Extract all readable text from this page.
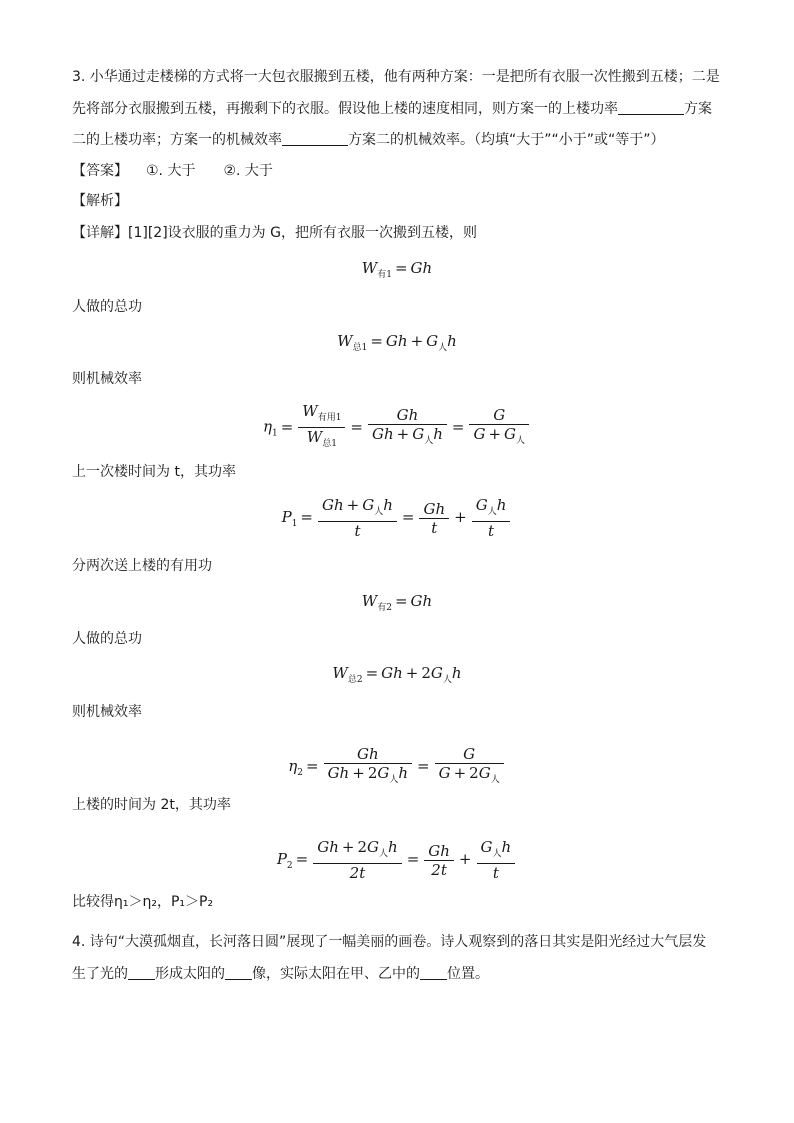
3. 小华通过走楼梯的方式将一大包衣服搬到五楼，他有两种方案：一是把所有衣服一次性搬到五楼；二是
先将部分衣服搬到五楼，再搬剩下的衣服。假设他上楼的速度相同，则方案一的上楼功率	方案
二的上楼功率；方案一的机械效率	方案二的机械效率。（均填“大于”“小于”或“等于”）
【答案】 ①. 大于 ②. 大于
【解析】
【详解】[1][2]设衣服的重力为 G，把所有衣服一次搬到五楼，则
$W_{有1} = Gh$
人做的总功
$W_{总1} = Gh + G_人h$
则机械效率
$\eta_1 = \frac{W_{有用1}}{W_{总1}} = \frac{Gh}{Gh + G_人h} = \frac{G}{G + G_人}$
上一次楼时间为 t，其功率
$P_1 = \frac{Gh + G_人h}{t} = \frac{Gh}{t} + \frac{G_人h}{t}$
分两次送上楼的有用功
$W_{有2} = Gh$
人做的总功
$W_{总2} = Gh + 2G_人h$
则机械效率
$\eta_2 = \frac{Gh}{Gh + 2G_人h} = \frac{G}{G + 2G_人}$
上楼的时间为 2t，其功率
$P_2 = \frac{Gh + 2G_人h}{2t} = \frac{Gh}{2t} + \frac{G_人h}{t}$
比较得η₁＞η₂，P₁＞P₂
4. 诗句“大漠孤烟直，长河落日圆”展现了一幅美丽的画卷。诗人观察到的落日其实是阳光经过大气层发
生了光的 形成太阳的 像，实际太阳在甲、乙中的 位置。
